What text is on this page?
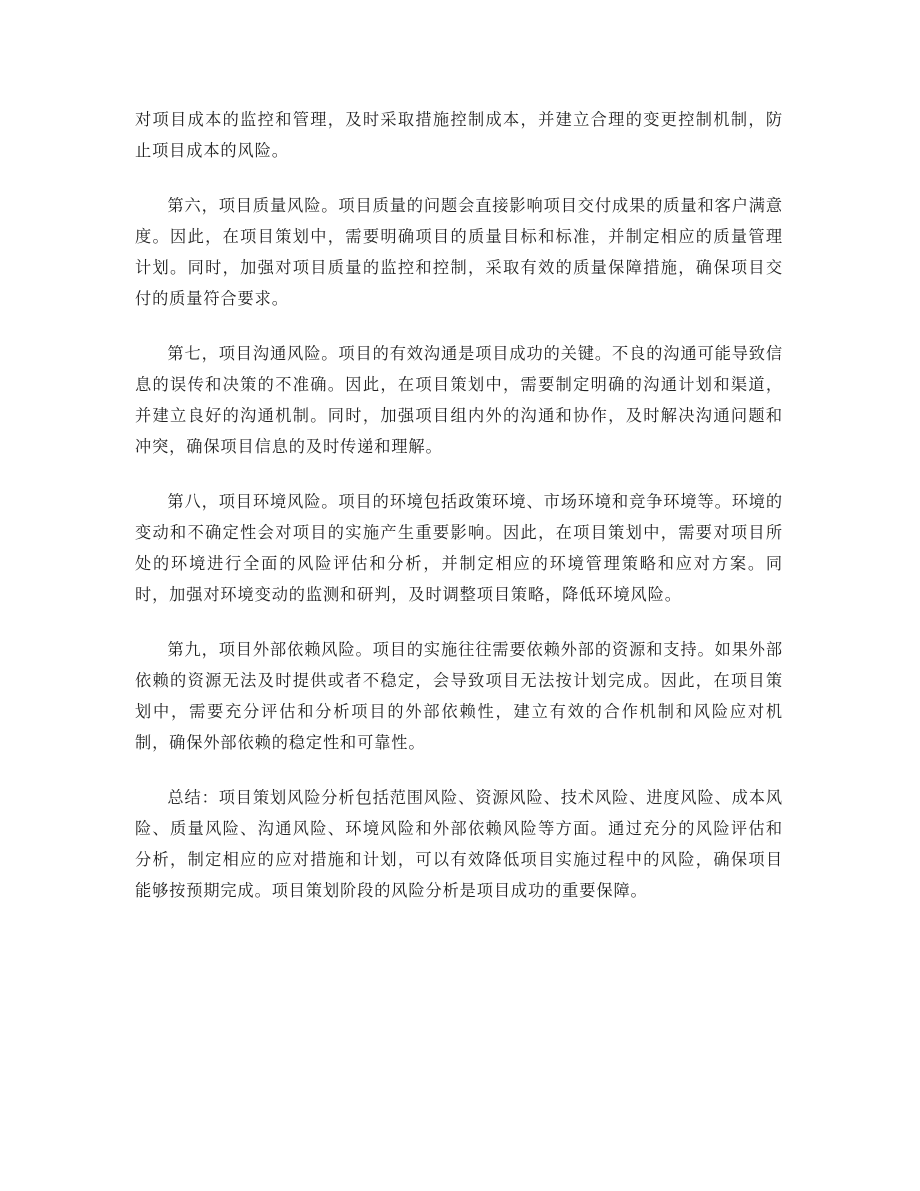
对项目成本的监控和管理，及时采取措施控制成本，并建立合理的变更控制机制，防止项目成本的风险。

第六，项目质量风险。项目质量的问题会直接影响项目交付成果的质量和客户满意度。因此，在项目策划中，需要明确项目的质量目标和标准，并制定相应的质量管理计划。同时，加强对项目质量的监控和控制，采取有效的质量保障措施，确保项目交付的质量符合要求。

第七，项目沟通风险。项目的有效沟通是项目成功的关键。不良的沟通可能导致信息的误传和决策的不准确。因此，在项目策划中，需要制定明确的沟通计划和渠道，并建立良好的沟通机制。同时，加强项目组内外的沟通和协作，及时解决沟通问题和冲突，确保项目信息的及时传递和理解。

第八，项目环境风险。项目的环境包括政策环境、市场环境和竞争环境等。环境的变动和不确定性会对项目的实施产生重要影响。因此，在项目策划中，需要对项目所处的环境进行全面的风险评估和分析，并制定相应的环境管理策略和应对方案。同时，加强对环境变动的监测和研判，及时调整项目策略，降低环境风险。

第九，项目外部依赖风险。项目的实施往往需要依赖外部的资源和支持。如果外部依赖的资源无法及时提供或者不稳定，会导致项目无法按计划完成。因此，在项目策划中，需要充分评估和分析项目的外部依赖性，建立有效的合作机制和风险应对机制，确保外部依赖的稳定性和可靠性。

总结：项目策划风险分析包括范围风险、资源风险、技术风险、进度风险、成本风险、质量风险、沟通风险、环境风险和外部依赖风险等方面。通过充分的风险评估和分析，制定相应的应对措施和计划，可以有效降低项目实施过程中的风险，确保项目能够按预期完成。项目策划阶段的风险分析是项目成功的重要保障。
